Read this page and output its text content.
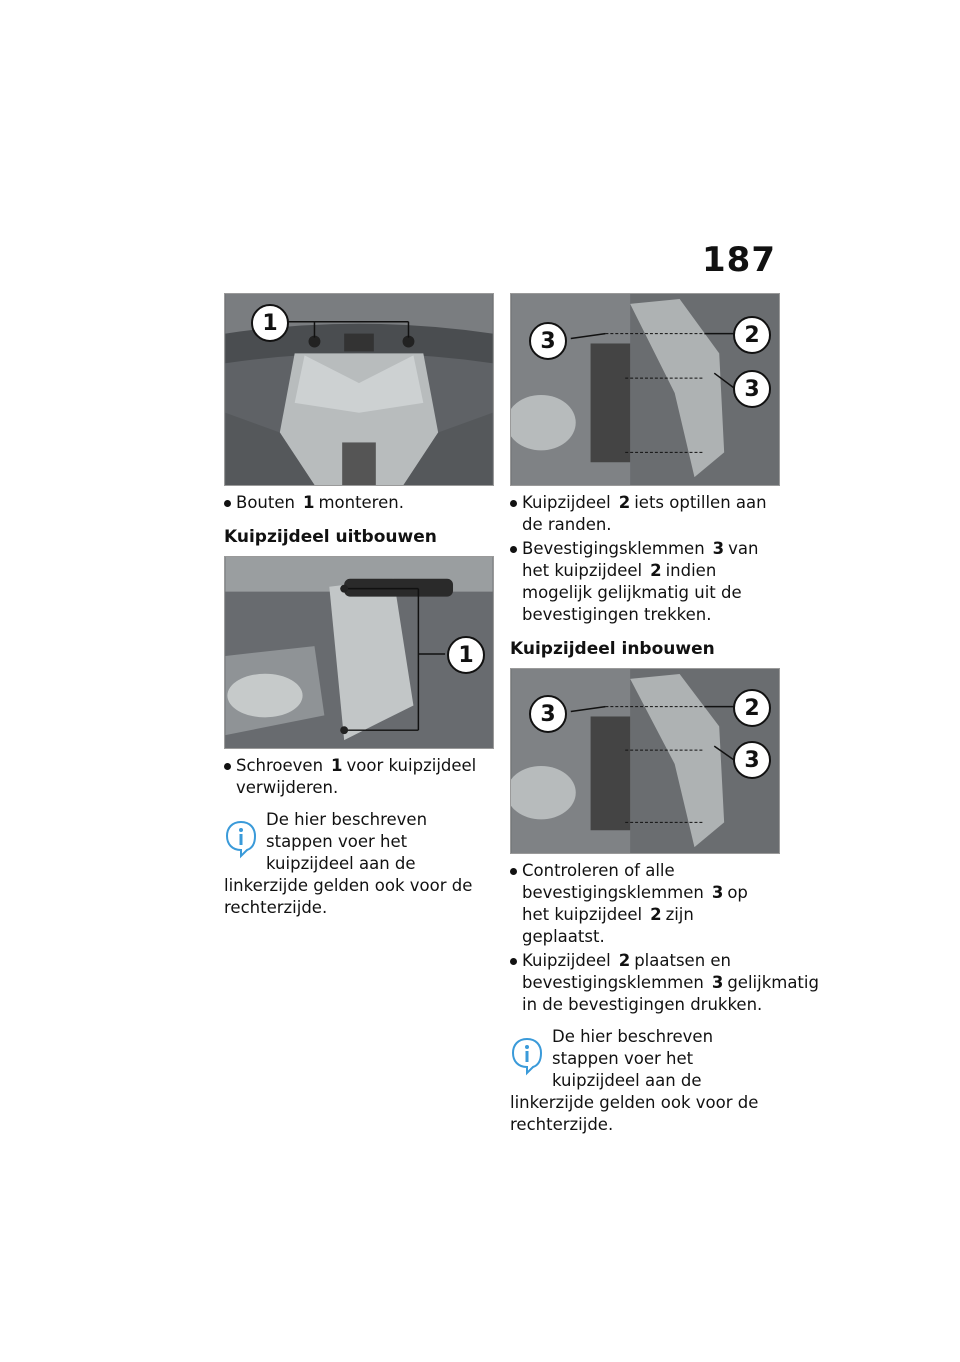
187
1
Bouten 1 monteren.
Kuipzijdeel uitbouwen
1
Schroeven 1 voor kuipzijdeel verwijderen.
De hier beschreven stappen voer het kuipzijdeel aan de linkerzijde gelden ook voor de rechterzijde.
3	2
3
Kuipzijdeel 2 iets optillen aan de randen.
Bevestigingsklemmen 3 van het kuipzijdeel 2 indien mogelijk gelijkmatig uit de bevestigingen trekken.
Kuipzijdeel inbouwen
3	2
3
Controleren of alle bevestigingsklemmen 3 op het kuipzijdeel 2 zijn geplaatst.
Kuipzijdeel 2 plaatsen en bevestigingsklemmen 3 gelijkmatig in de bevestigingen drukken.
De hier beschreven stappen voer het kuipzijdeel aan de linkerzijde gelden ook voor de rechterzijde.
